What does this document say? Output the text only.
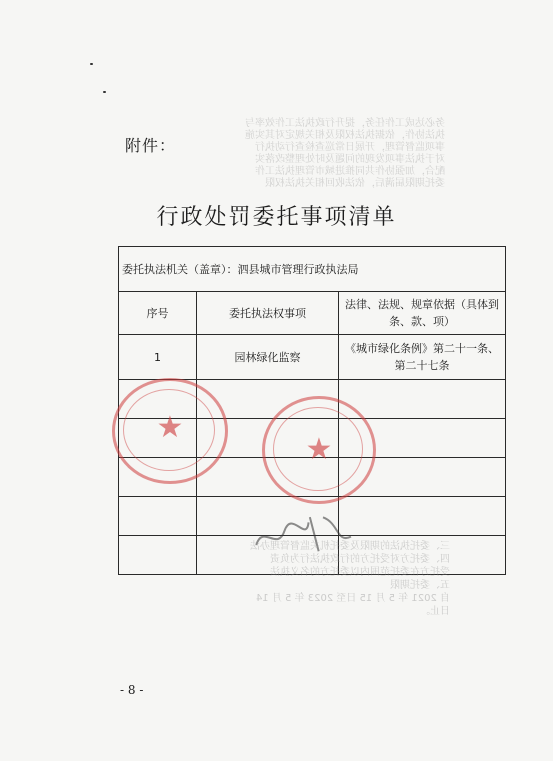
务必达成工作任务，提升行政执法工作效率与
执法协作，依据执法权限及相关规定对其实施
事项监督管理，开展日常巡查检查行动执行
对于执法事项发现的问题及时处理整改落实
配合，加强协作共同推进城市管理执法工作
委托期限届满后，依法收回相关执法权限
附件：
行政处罚委托事项清单
委托执法机关（盖章）：泗县城市管理行政执法局		
序号	委托执法权事项	法律、法规、规章依据（具体到条、款、项）
1	园林绿化监察	《城市绿化条例》第二十一条、第二十七条

★
★
三、委托执法的期限及委托机关监督管理办法
四、委托方对受托方的行政执法行为负责
受托方在委托范围内以委托方的名义执法
五、委托期限
自 2021 年 5 月 15 日至 2023 年 5 月 14
日止。
- 8 -
